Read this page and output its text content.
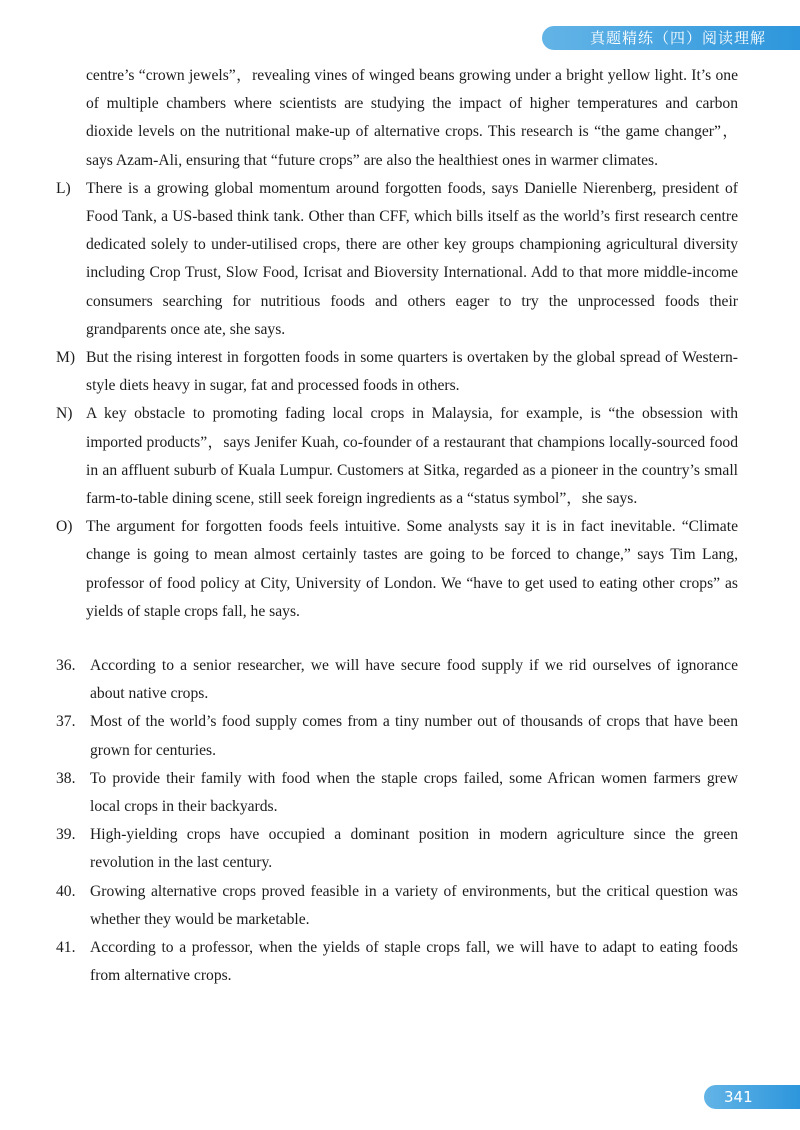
真题精练（四）阅读理解

centre’s “crown jewels”，revealing vines of winged beans growing under a bright yellow light. It’s one of multiple chambers where scientists are studying the impact of higher temperatures and carbon dioxide levels on the nutritional make-up of alternative crops. This research is “the game changer”，says Azam-Ali, ensuring that “future crops” are also the healthiest ones in warmer climates.

L) There is a growing global momentum around forgotten foods, says Danielle Nierenberg, president of Food Tank, a US-based think tank. Other than CFF, which bills itself as the world’s first research centre dedicated solely to under-utilised crops, there are other key groups championing agricultural diversity including Crop Trust, Slow Food, Icrisat and Bioversity International. Add to that more middle-income consumers searching for nutritious foods and others eager to try the unprocessed foods their grandparents once ate, she says.

M) But the rising interest in forgotten foods in some quarters is overtaken by the global spread of Western-style diets heavy in sugar, fat and processed foods in others.

N) A key obstacle to promoting fading local crops in Malaysia, for example, is “the obsession with imported products”，says Jenifer Kuah, co-founder of a restaurant that champions locally-sourced food in an affluent suburb of Kuala Lumpur. Customers at Sitka, regarded as a pioneer in the country’s small farm-to-table dining scene, still seek foreign ingredients as a “status symbol”，she says.

O) The argument for forgotten foods feels intuitive. Some analysts say it is in fact inevitable. “Climate change is going to mean almost certainly tastes are going to be forced to change,” says Tim Lang, professor of food policy at City, University of London. We “have to get used to eating other crops” as yields of staple crops fall, he says.

36. According to a senior researcher, we will have secure food supply if we rid ourselves of ignorance about native crops.

37. Most of the world’s food supply comes from a tiny number out of thousands of crops that have been grown for centuries.

38. To provide their family with food when the staple crops failed, some African women farmers grew local crops in their backyards.

39. High-yielding crops have occupied a dominant position in modern agriculture since the green revolution in the last century.

40. Growing alternative crops proved feasible in a variety of environments, but the critical question was whether they would be marketable.

41. According to a professor, when the yields of staple crops fall, we will have to adapt to eating foods from alternative crops.

341
